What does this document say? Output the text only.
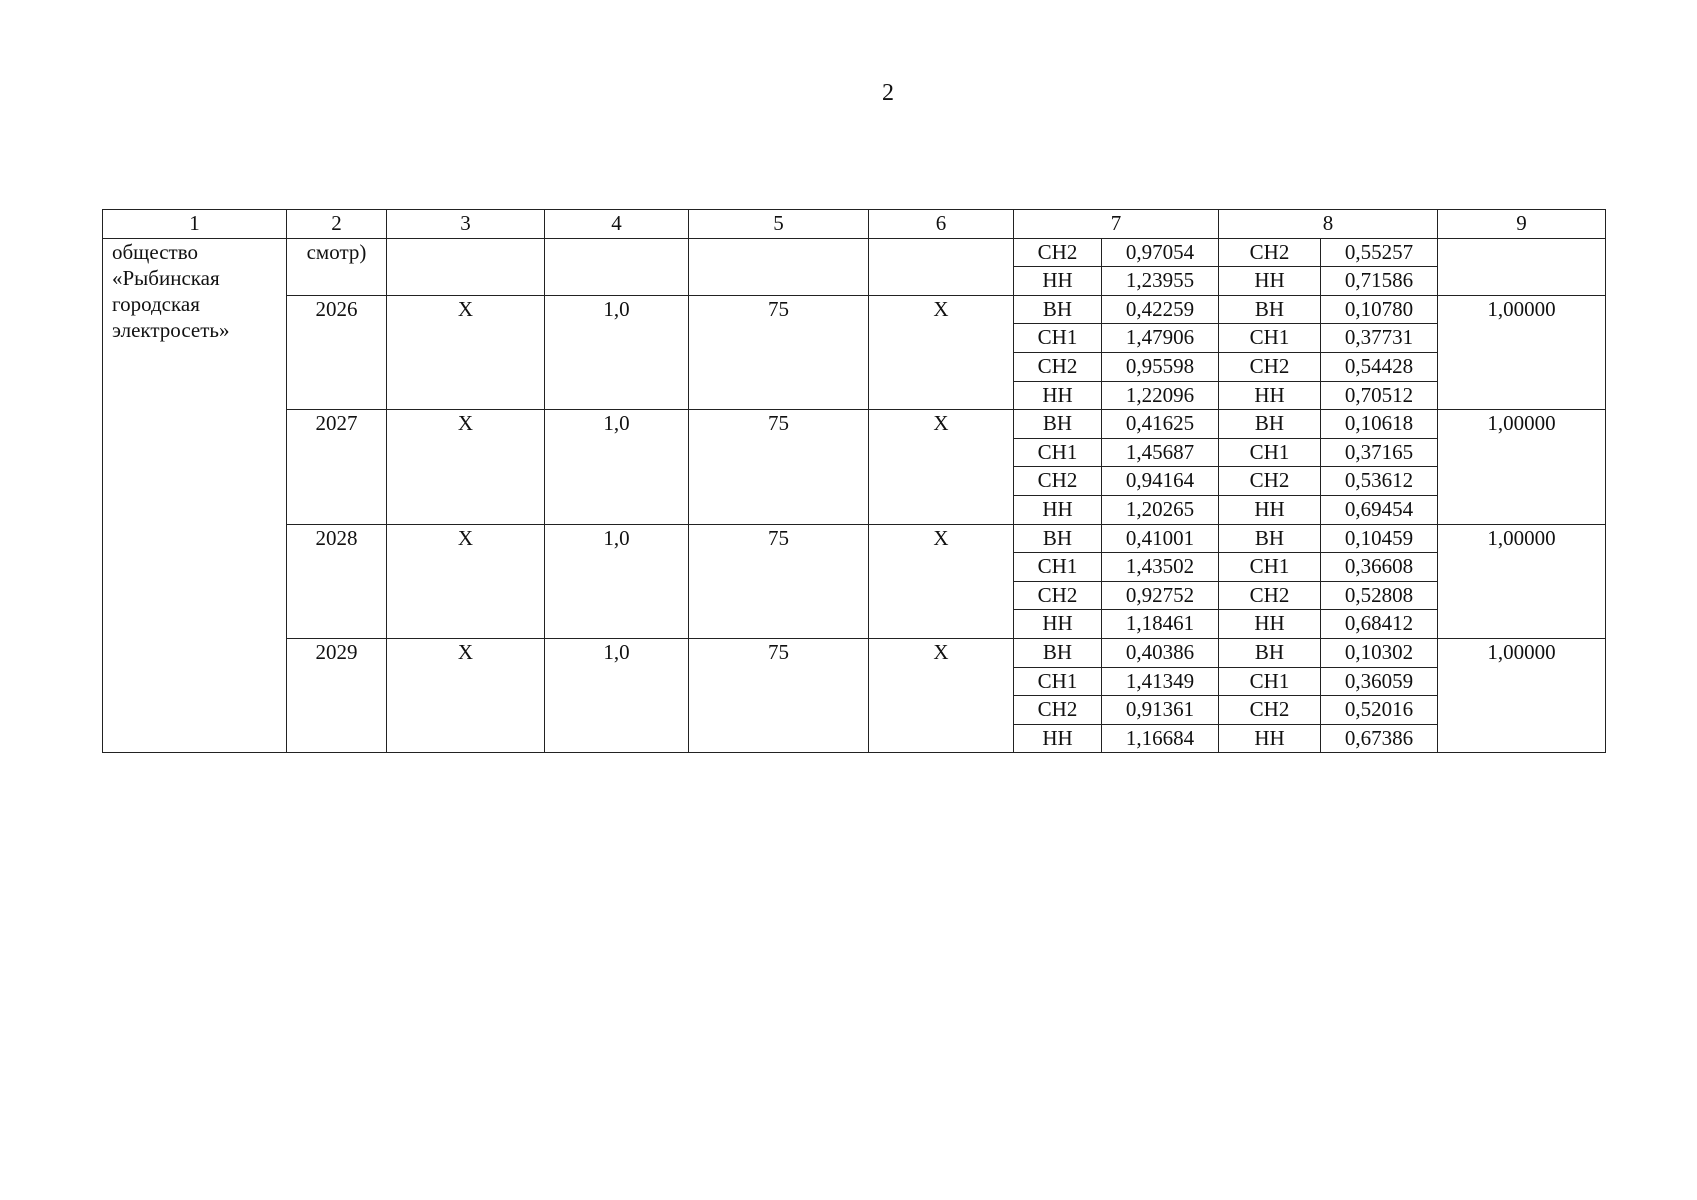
2
1	2	3	4	5	6	7		8		9

общество
«Рыбинская
городская
электросеть»	смотр)					СН2	0,97054	СН2	0,55257	
						НН	1,23955	НН	0,71586	
	2026	Х	1,0	75	Х	ВН	0,42259	ВН	0,10780	1,00000
						СН1	1,47906	СН1	0,37731	
						СН2	0,95598	СН2	0,54428	
						НН	1,22096	НН	0,70512	
	2027	Х	1,0	75	Х	ВН	0,41625	ВН	0,10618	1,00000
						СН1	1,45687	СН1	0,37165	
						СН2	0,94164	СН2	0,53612	
						НН	1,20265	НН	0,69454	
	2028	Х	1,0	75	Х	ВН	0,41001	ВН	0,10459	1,00000
						СН1	1,43502	СН1	0,36608	
						СН2	0,92752	СН2	0,52808	
						НН	1,18461	НН	0,68412	
	2029	Х	1,0	75	Х	ВН	0,40386	ВН	0,10302	1,00000
						СН1	1,41349	СН1	0,36059	
						СН2	0,91361	СН2	0,52016	
						НН	1,16684	НН	0,67386	
